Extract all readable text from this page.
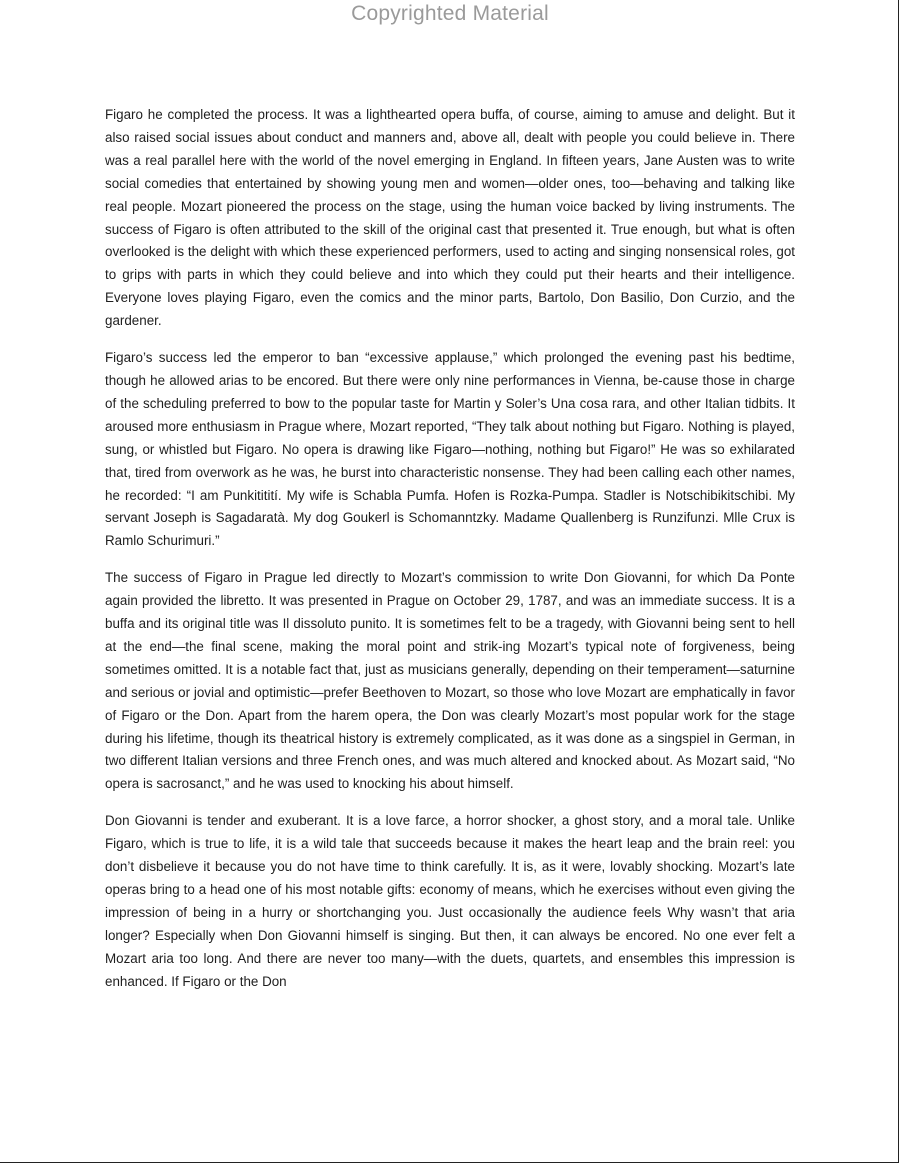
Copyrighted Material

Figaro he completed the process. It was a lighthearted opera buffa, of course, aiming to amuse and delight. But it also raised social issues about conduct and manners and, above all, dealt with people you could believe in. There was a real parallel here with the world of the novel emerging in England. In fifteen years, Jane Austen was to write social comedies that entertained by showing young men and women—older ones, too—behaving and talking like real people. Mozart pioneered the process on the stage, using the human voice backed by living instruments. The success of Figaro is often attributed to the skill of the original cast that presented it. True enough, but what is often overlooked is the delight with which these experienced performers, used to acting and singing nonsensical roles, got to grips with parts in which they could believe and into which they could put their hearts and their intelligence. Everyone loves playing Figaro, even the comics and the minor parts, Bartolo, Don Basilio, Don Curzio, and the gardener.

Figaro’s success led the emperor to ban “excessive applause,” which prolonged the evening past his bedtime, though he allowed arias to be encored. But there were only nine performances in Vienna, be-cause those in charge of the scheduling preferred to bow to the popular taste for Martin y Soler’s Una cosa rara, and other Italian tidbits. It aroused more enthusiasm in Prague where, Mozart reported, “They talk about nothing but Figaro. Nothing is played, sung, or whistled but Figaro. No opera is drawing like Figaro—nothing, nothing but Figaro!” He was so exhilarated that, tired from overwork as he was, he burst into characteristic nonsense. They had been calling each other names, he recorded: “I am Punkititití. My wife is Schabla Pumfa. Hofen is Rozka-Pumpa. Stadler is Notschibikitschibi. My servant Joseph is Sagadaratà. My dog Goukerl is Schomanntzky. Madame Quallenberg is Runzifunzi. Mlle Crux is Ramlo Schurimuri.”

The success of Figaro in Prague led directly to Mozart’s commission to write Don Giovanni, for which Da Ponte again provided the libretto. It was presented in Prague on October 29, 1787, and was an immediate success. It is a buffa and its original title was Il dissoluto punito. It is sometimes felt to be a tragedy, with Giovanni being sent to hell at the end—the final scene, making the moral point and strik-ing Mozart’s typical note of forgiveness, being sometimes omitted. It is a notable fact that, just as musicians generally, depending on their temperament—saturnine and serious or jovial and optimistic—prefer Beethoven to Mozart, so those who love Mozart are emphatically in favor of Figaro or the Don. Apart from the harem opera, the Don was clearly Mozart’s most popular work for the stage during his lifetime, though its theatrical history is extremely complicated, as it was done as a singspiel in German, in two different Italian versions and three French ones, and was much altered and knocked about. As Mozart said, “No opera is sacrosanct,” and he was used to knocking his about himself.

Don Giovanni is tender and exuberant. It is a love farce, a horror shocker, a ghost story, and a moral tale. Unlike Figaro, which is true to life, it is a wild tale that succeeds because it makes the heart leap and the brain reel: you don’t disbelieve it because you do not have time to think carefully. It is, as it were, lovably shocking. Mozart’s late operas bring to a head one of his most notable gifts: economy of means, which he exercises without even giving the impression of being in a hurry or shortchanging you. Just occasionally the audience feels Why wasn’t that aria longer? Especially when Don Giovanni himself is singing. But then, it can always be encored. No one ever felt a Mozart aria too long. And there are never too many—with the duets, quartets, and ensembles this impression is enhanced. If Figaro or the Don
